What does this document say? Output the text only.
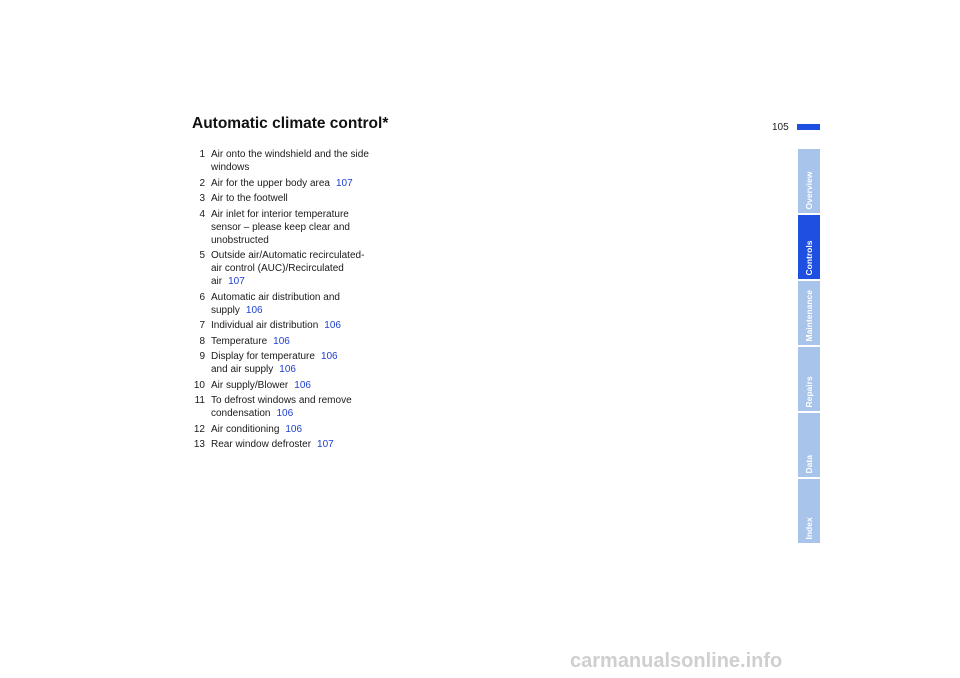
Automatic climate control*	105
1 Air onto the windshield and the side
windows
2 Air for the upper body area 107
3 Air to the footwell
4 Air inlet for interior temperature
sensor – please keep clear and
unobstructed
5 Outside air/Automatic recirculated-
air control (AUC)/Recirculated
air 107
6 Automatic air distribution and
supply 106
7 Individual air distribution 106
8 Temperature 106
9 Display for temperature 106
and air supply 106
10 Air supply/Blower 106
11 To defrost windows and remove
condensation 106
12 Air conditioning 106
13 Rear window defroster 107
Overview
Controls
Maintenance
Repairs
Data
Index
carmanualsonline.info
